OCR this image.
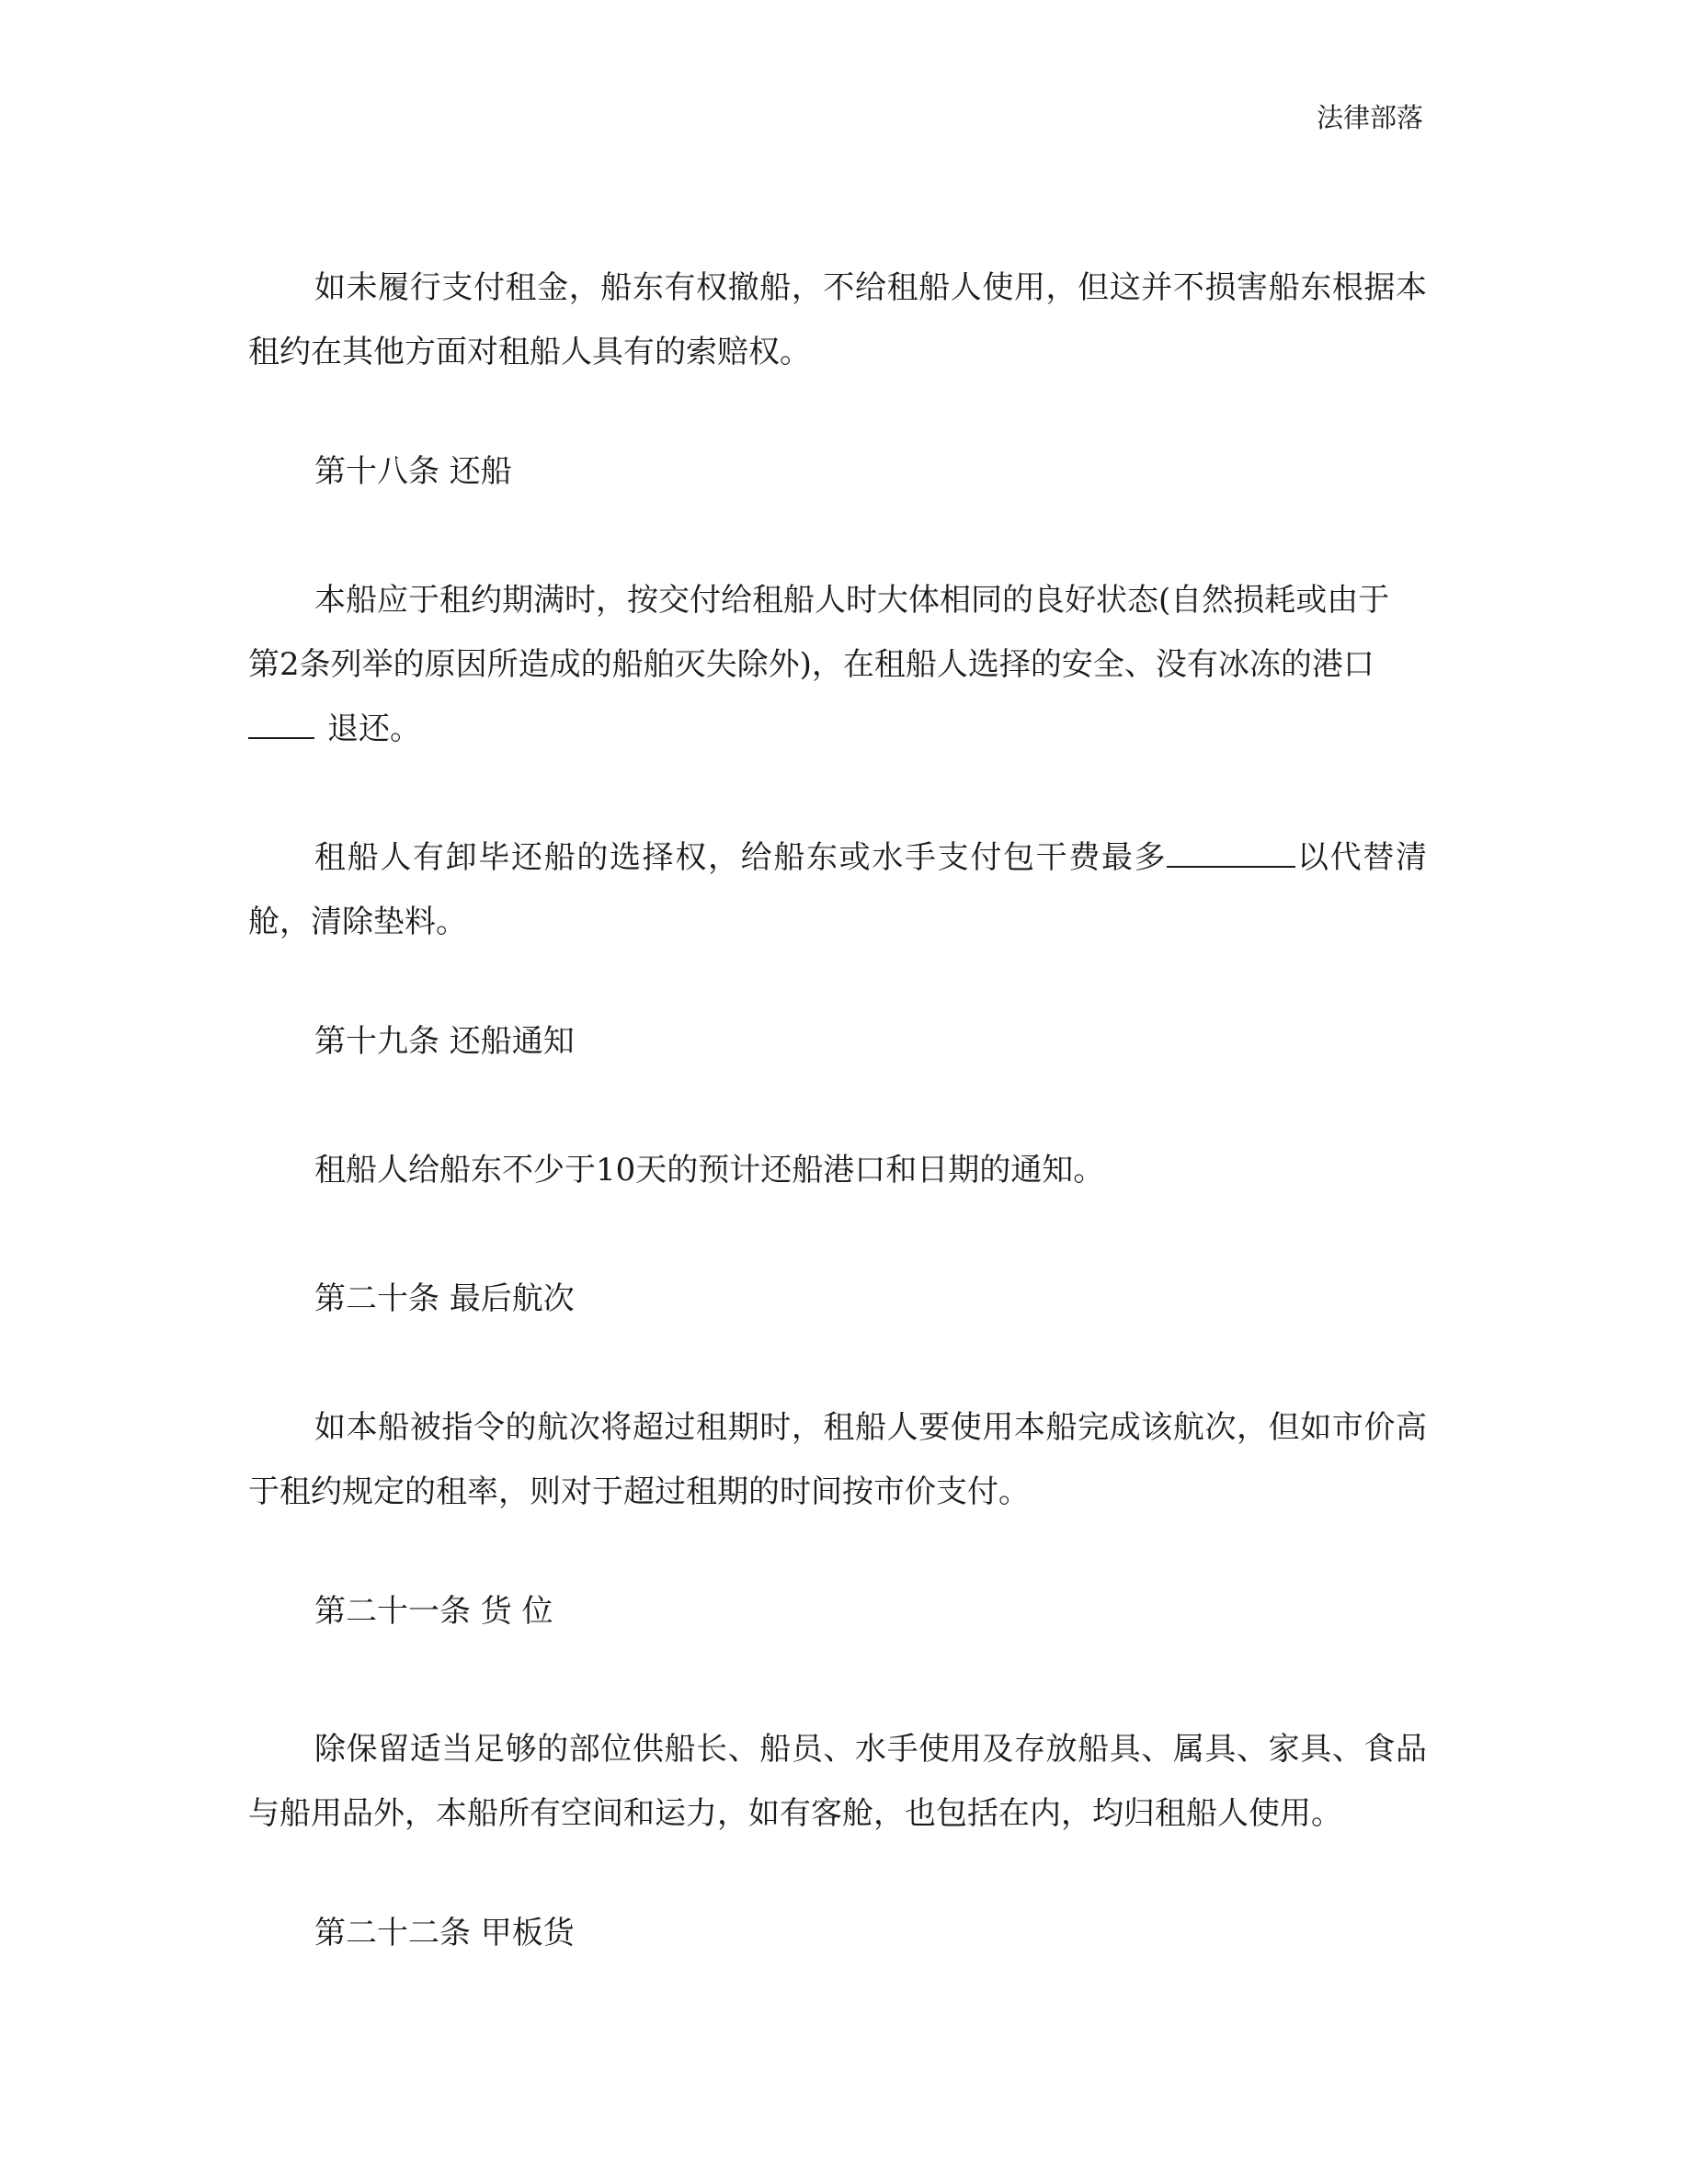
法律部落

如未履行支付租金，船东有权撤船，不给租船人使用，但这并不损害船东根据本租约在其他方面对租船人具有的索赔权。

第十八条 还船

本船应于租约期满时，按交付给租船人时大体相同的良好状态(自然损耗或由于
第2条列举的原因所造成的船舶灭失除外)，在租船人选择的安全、没有冰冻的港口
退还。

租船人有卸毕还船的选择权，给船东或水手支付包干费最多	以代替清舱，清除垫料。

第十九条 还船通知

租船人给船东不少于10天的预计还船港口和日期的通知。

第二十条 最后航次

如本船被指令的航次将超过租期时，租船人要使用本船完成该航次，但如市价高于租约规定的租率，则对于超过租期的时间按市价支付。

第二十一条 货 位

除保留适当足够的部位供船长、船员、水手使用及存放船具、属具、家具、食品与船用品外，本船所有空间和运力，如有客舱，也包括在内，均归租船人使用。

第二十二条 甲板货
